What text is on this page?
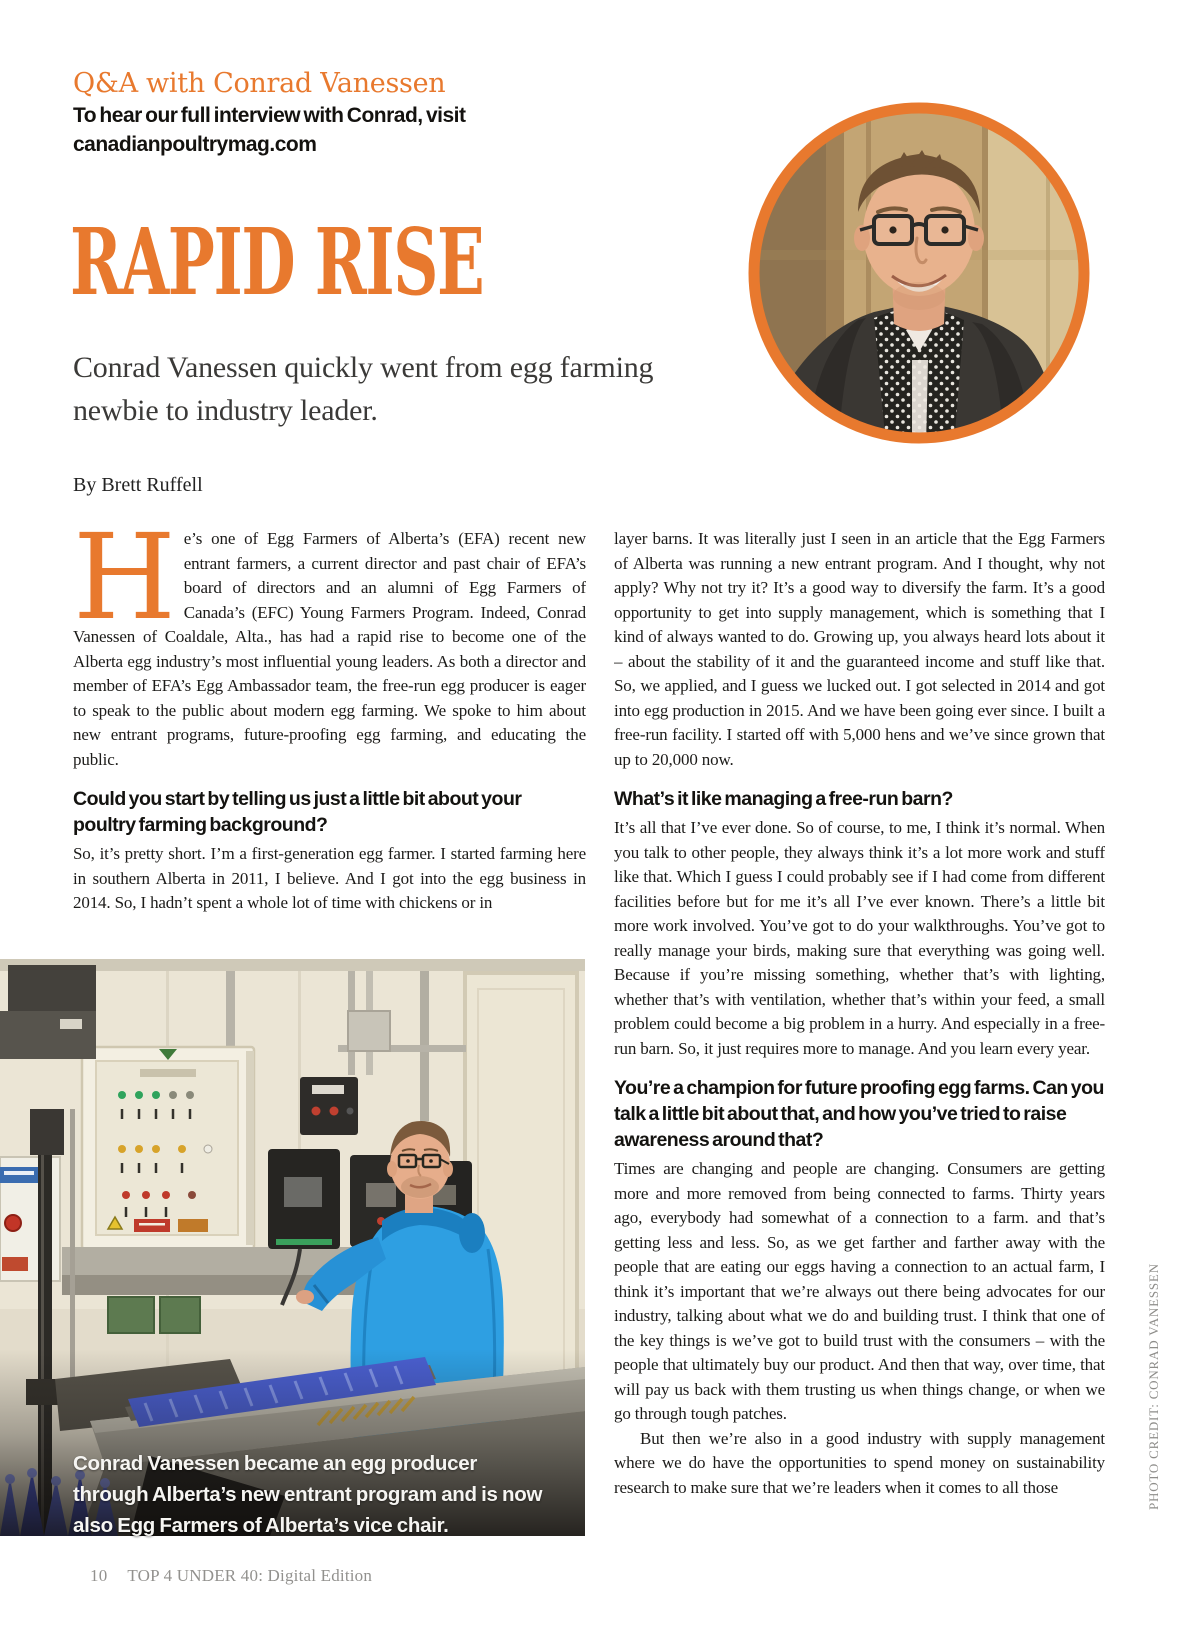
Q&A with Conrad Vanessen
To hear our full interview with Conrad, visit
canadianpoultrymag.com
RAPID RISE
Conrad Vanessen quickly went from egg farming newbie to industry leader.
By Brett Ruffell

He’s one of Egg Farmers of Alberta’s (EFA) recent new entrant farmers, a current director and past chair of EFA’s board of directors and an alumni of Egg Farmers of Canada’s (EFC) Young Farmers Program. Indeed, Conrad Vanessen of Coaldale, Alta., has had a rapid rise to become one of the Alberta egg industry’s most influential young leaders. As both a director and member of EFA’s Egg Ambassador team, the free-run egg producer is eager to speak to the public about modern egg farming. We spoke to him about new entrant programs, future-proofing egg farming, and educating the public.

Could you start by telling us just a little bit about your poultry farming background?

So, it’s pretty short. I’m a first-generation egg farmer. I started farming here in southern Alberta in 2011, I believe. And I got into the egg business in 2014. So, I hadn’t spent a whole lot of time with chickens or in

layer barns. It was literally just I seen in an article that the Egg Farmers of Alberta was running a new entrant program. And I thought, why not apply? Why not try it? It’s a good way to diversify the farm. It’s a good opportunity to get into supply management, which is something that I kind of always wanted to do. Growing up, you always heard lots about it – about the stability of it and the guaranteed income and stuff like that. So, we applied, and I guess we lucked out. I got selected in 2014 and got into egg production in 2015. And we have been going ever since. I built a free-run facility. I started off with 5,000 hens and we’ve since grown that up to 20,000 now.

What’s it like managing a free-run barn?

It’s all that I’ve ever done. So of course, to me, I think it’s normal. When you talk to other people, they always think it’s a lot more work and stuff like that. Which I guess I could probably see if I had come from different facilities before but for me it’s all I’ve ever known. There’s a little bit more work involved. You’ve got to do your walkthroughs. You’ve got to really manage your birds, making sure that everything was going well. Because if you’re missing something, whether that’s with lighting, whether that’s with ventilation, whether that’s within your feed, a small problem could become a big problem in a hurry. And especially in a free-run barn. So, it just requires more to manage. And you learn every year.

You’re a champion for future proofing egg farms. Can you talk a little bit about that, and how you’ve tried to raise awareness around that?

Times are changing and people are changing. Consumers are getting more and more removed from being connected to farms. Thirty years ago, everybody had somewhat of a connection to a farm. and that’s getting less and less. So, as we get farther and farther away with the people that are eating our eggs having a connection to an actual farm, I think it’s important that we’re always out there being advocates for our industry, talking about what we do and building trust. I think that one of the key things is we’ve got to build trust with the consumers – with the people that ultimately buy our product. And then that way, over time, that will pay us back with them trusting us when things change, or when we go through tough patches.

But then we’re also in a good industry with supply management where we do have the opportunities to spend money on sustainability research to make sure that we’re leaders when it comes to all those

Conrad Vanessen became an egg producer through Alberta’s new entrant program and is now also Egg Farmers of Alberta’s vice chair.
PHOTO CREDIT: CONRAD VANESSEN
10 TOP 4 UNDER 40: Digital Edition
